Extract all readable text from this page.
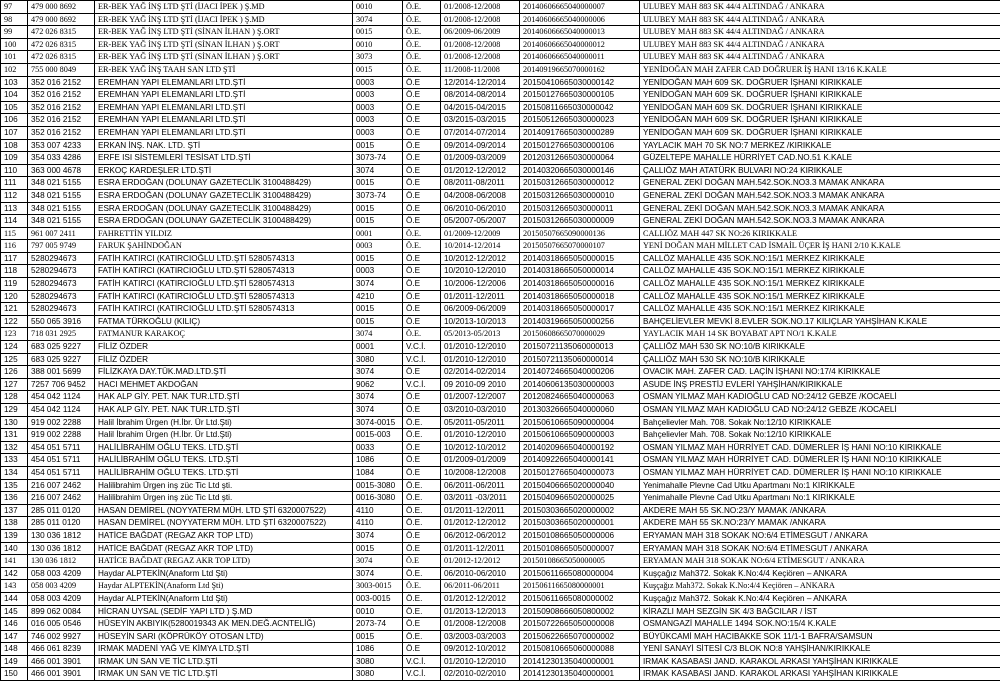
97	479 000 8692	ER-BEK YAĞ İNŞ LTD ŞTİ (İJACI İPEK ) Ş.MD	0010	Ö.E.	01/2008-12/2008	20140606665040000007	ULUBEY MAH 883 SK 44/4 ALTINDAĞ / ANKARA
98	479 000 8692	ER-BEK YAĞ İNŞ LTD ŞTİ (İJACI İPEK ) Ş.MD	3074	Ö.E.	01/2008-12/2008	20140606665040000006	ULUBEY MAH 883 SK 44/4 ALTINDAĞ / ANKARA
99	472 026 8315	ER-BEK YAĞ İNŞ LTD ŞTİ (SİNAN İLHAN ) Ş.ORT	0015	Ö.E.	06/2009-06/2009	20140606665040000013	ULUBEY MAH 883 SK 44/4 ALTINDAĞ / ANKARA
100	472 026 8315	ER-BEK YAĞ İNŞ LTD ŞTİ (SİNAN İLHAN ) Ş.ORT	0010	Ö.E.	01/2008-12/2008	20140606665040000012	ULUBEY MAH 883 SK 44/4 ALTINDAĞ / ANKARA
101	472 026 8315	ER-BEK YAĞ İNŞ LTD ŞTİ (SİNAN İLHAN ) Ş.ORT	3073	Ö.E.	01/2008-12/2008	20140606665040000011	ULUBEY MAH 883 SK 44/4 ALTINDAĞ / ANKARA
102	755 000 8049	ER-BEK YAĞ İNŞ TAAH SAN LTD ŞTİ	0015	Ö.E.	11/2008-11/2008	20140919665070000162	YENİDOĞAN MAH ZAFER CAD DOĞRUER İŞ HANI 13/16 K.KALE
103	352 016 2152	EREMHAN YAPI ELEMANLARI LTD.ŞTİ	0003	Ö.E	12/2014-12/2014	20150410665030000142	YENİDOĞAN MAH 609 SK. DOĞRUER İŞHANI KIRIKKALE
104	352 016 2152	EREMHAN YAPI ELEMANLARI LTD.ŞTİ	0003	Ö.E	08/2014-08/2014	20150127665030000105	YENİDOĞAN MAH 609 SK. DOĞRUER İŞHANI KIRIKKALE
105	352 016 2152	EREMHAN YAPI ELEMANLARI LTD.ŞTİ	0003	Ö.E	04/2015-04/2015	20150811665030000042	YENİDOĞAN MAH 609 SK. DOĞRUER İŞHANI KIRIKKALE
106	352 016 2152	EREMHAN YAPI ELEMANLARI LTD.ŞTİ	0003	Ö.E	03/2015-03/2015	20150512665030000023	YENİDOĞAN MAH 609 SK. DOĞRUER İŞHANI KIRIKKALE
107	352 016 2152	EREMHAN YAPI ELEMANLARI LTD.ŞTİ	0003	Ö.E	07/2014-07/2014	20140917665030000289	YENİDOĞAN MAH 609 SK. DOĞRUER İŞHANI KIRIKKALE
108	353 007 4233	ERKAN İNŞ. NAK. LTD. ŞTİ	0015	Ö.E	09/2014-09/2014	20150127665030000106	YAYLACIK MAH 70 SK NO:7 MERKEZ /KIRIKKALE
109	354 033 4286	ERFE ISI SİSTEMLERİ TESİSAT LTD.ŞTİ	3073-74	Ö.E	01/2009-03/2009	20120312665030000064	GÜZELTEPE MAHALLE HÜRRİYET CAD.NO.51 K.KALE
110	363 000 4678	ERKOÇ KARDEŞLER LTD.ŞTİ	3074	Ö.E	01/2012-12/2012	20140320665030000146	ÇALLIÖZ MAH ATATÜRK BULVARI NO:24 KIRIKKALE
111	348 021 5155	ESRA ERDOĞAN (DOLUNAY GAZETECLİK 3100488429)	0015	Ö.E	08/2011-08/2011	20150312665030000012	GENERAL ZEKİ DOĞAN MAH.542.SOK.NO3.3 MAMAK ANKARA
112	348 021 5155	ESRA ERDOĞAN (DOLUNAY GAZETECLİK 3100488429)	3073-74	Ö.E	04/2008-06/2008	20150312665030000010	GENERAL ZEKİ DOĞAN MAH.542.SOK.NO3.3 MAMAK ANKARA
113	348 021 5155	ESRA ERDOĞAN (DOLUNAY GAZETECLİK 3100488429)	0015	Ö.E	06/2010-06/2010	20150312665030000011	GENERAL ZEKİ DOĞAN MAH.542.SOK.NO3.3 MAMAK ANKARA
114	348 021 5155	ESRA ERDOĞAN (DOLUNAY GAZETECLİK 3100488429)	0015	Ö.E	05/2007-05/2007	20150312665030000009	GENERAL ZEKİ DOĞAN MAH.542.SOK.NO3.3 MAMAK ANKARA
115	961 007 2411	FAHRETTİN YILDIZ	0001	Ö.E.	01/2009-12/2009	20150507665090000136	CALLIÖZ MAH 447 SK NO:26 KIRIKKALE
116	797 005 9749	FARUK ŞAHİNDOĞAN	0003	Ö.E.	10/2014-12/2014	20150507665070000107	YENİ DOĞAN MAH MİLLET CAD İSMAİL ÜÇER İŞ HANI 2/10 K.KALE
117	5280294673	FATİH KATIRCI (KATIRCIOĞLU LTD.ŞTİ 5280574313	0015	Ö.E	10/2012-12/2012	20140318665050000015	CALLÖZ MAHALLE 435 SOK.NO:15/1 MERKEZ KIRIKKALE
118	5280294673	FATİH KATIRCI (KATIRCIOĞLU LTD.ŞTİ 5280574313	0003	Ö.E	10/2010-12/2010	20140318665050000014	CALLÖZ MAHALLE 435 SOK.NO:15/1 MERKEZ KIRIKKALE
119	5280294673	FATİH KATIRCI (KATIRCIOĞLU LTD.ŞTİ 5280574313	3074	Ö.E	10/2006-12/2006	20140318665050000016	CALLÖZ MAHALLE 435 SOK.NO:15/1 MERKEZ KIRIKKALE
120	5280294673	FATİH KATIRCI (KATIRCIOĞLU LTD.ŞTİ 5280574313	4210	Ö.E	01/2011-12/2011	20140318665050000018	CALLÖZ MAHALLE 435 SOK.NO:15/1 MERKEZ KIRIKKALE
121	5280294673	FATİH KATIRCI (KATIRCIOĞLU LTD.ŞTİ 5280574313	0015	Ö.E	06/2009-06/2009	20140318665050000017	CALLÖZ MAHALLE 435 SOK.NO:15/1 MERKEZ KIRIKKALE
122	550 065 3916	FATMA TÜRKOĞLU (KILIÇ)	0015	Ö.E	10/2013-10/2013	20140319665050000256	BAHÇELİEVLER MEVKİ 8.EVLER SOK.NO.17 KILIÇLAR YAHŞİHAN K.KALE
123	718 031 2925	FATMANUR KARAKOÇ	3074	Ö.E.	05/2013-05/2013	20150608665070000029	YAYLACIK MAH 14 SK BOYABAT APT NO/1 K.KALE
124	683 025 9227	FİLİZ ÖZDER	0001	V.C.İ.	01/2010-12/2010	20150721135060000013	ÇALLIÖZ MAH 530 SK NO:10/B KIRIKKALE
125	683 025 9227	FİLİZ ÖZDER	3080	V.C.İ.	01/2010-12/2010	20150721135060000014	ÇALLIÖZ MAH 530 SK NO:10/B KIRIKKALE
126	388 001 5699	FİLİZKAYA DAY.TÜK.MAD.LTD.ŞTİ	3074	Ö.E	02/2014-02/2014	20140724665040000206	OVACIK MAH. ZAFER CAD. LAÇİN İŞHANI NO:17/4 KIRIKKALE
127	7257 706 9452	HACI MEHMET AKDOĞAN	9062	V.C.İ.	09 2010-09 2010	20140606135030000003	ASUDE İNŞ PRESTİJ EVLERİ YAHŞİHAN/KIRIKKALE
128	454 042 1124	HAK ALP GİY. PET. NAK TUR.LTD.ŞTİ	3074	Ö.E	01/2007-12/2007	20120824665040000063	OSMAN YILMAZ MAH KADIOĞLU CAD NO:24/12 GEBZE /KOCAELİ
129	454 042 1124	HAK ALP GİY. PET. NAK TUR.LTD.ŞTİ	3074	Ö.E	03/2010-03/2010	20130326665040000060	OSMAN YILMAZ MAH KADIOĞLU CAD NO:24/12 GEBZE /KOCAELİ
130	919 002 2288	Halil İbrahim Ürgen (H.İbr. Ür Ltd.Şti)	3074-0015	Ö.E.	05/2011-05/2011	20150610665090000004	Bahçelievler Mah. 708. Sokak No:12/10 KIRIKKALE
131	919 002 2288	Halil İbrahim Ürgen (H.İbr. Ür Ltd.Şti)	0015-003	Ö.E.	01/2010-12/2010	20150610665090000003	Bahçelievler Mah. 708. Sokak No:12/10 KIRIKKALE
132	454 051 5711	HALİLİBRAHİM OĞLU TEKS. LTD.ŞTİ	0033	Ö.E	10/2012-10/2012	20140209665040000192	OSMAN YILMAZ MAH HÜRRİYET CAD. DÜMERLER İŞ HANI NO:10 KIRIKKALE
133	454 051 5711	HALİLİBRAHİM OĞLU TEKS. LTD.ŞTİ	1086	Ö.E	01/2009-01/2009	20140922665040000141	OSMAN YILMAZ MAH HÜRRİYET CAD. DÜMERLER İŞ HANI NO:10 KIRIKKALE
134	454 051 5711	HALİLİBRAHİM OĞLU TEKS. LTD.ŞTİ	1084	Ö.E	10/2008-12/2008	20150127665040000073	OSMAN YILMAZ MAH HÜRRİYET CAD. DÜMERLER İŞ HANI NO:10 KIRIKKALE
135	216 007 2462	Halilibrahim Ürgen inş züc Tic Ltd şti.	0015-3080	Ö.E.	06/2011-06/2011	20150406665020000040	Yenimahalle Plevne Cad Utku Apartmanı No:1 KIRIKKALE
136	216 007 2462	Halilibrahim Ürgen inş züc Tic Ltd şti.	0016-3080	Ö.E.	03/2011 -03/2011	20150409665020000025	Yenimahalle Plevne Cad Utku Apartmanı No:1 KIRIKKALE
137	285 011 0120	HASAN DEMİREL (NOYYATERM MÜH. LTD ŞTİ 6320007522)	4110	Ö.E.	01/2011-12/2011	20150303665020000002	AKDERE MAH 55 SK.NO:23/Y MAMAK /ANKARA
138	285 011 0120	HASAN DEMİREL (NOYYATERM MÜH. LTD ŞTİ 6320007522)	4110	Ö.E.	01/2012-12/2012	20150303665020000001	AKDERE MAH 55 SK.NO:23/Y MAMAK /ANKARA
139	130 036 1812	HATİCE BAĞDAT (REGAZ AKR TOP LTD)	3074	Ö.E	06/2012-06/2012	20150108665050000006	ERYAMAN MAH 318 SOKAK NO:6/4 ETİMESGUT / ANKARA
140	130 036 1812	HATİCE BAĞDAT (REGAZ AKR TOP LTD)	0015	Ö.E	01/2011-12/2011	20150108665050000007	ERYAMAN MAH 318 SOKAK NO:6/4 ETİMESGUT / ANKARA
141	130 036 1812	HATİCE BAĞDAT (REGAZ AKR TOP LTD)	3074	Ö.E	01/2012-12/2012	20150108665050000005	ERYAMAN MAH 318 SOKAK NO:6/4 ETİMESGUT / ANKARA
142	058 003 4209	Haydar ALPTEKİN(Anaform Ltd Şti)	3074	Ö.E.	06/2010-06/2010	20150611665080000004	Kuşçağız Mah372. Sokak K.No:4/4 Keçiören – ANKARA
143	058 003 4209	Haydar ALPTEKİN(Anaform Ltd Şti)	3003-0015	Ö.E.	06/2011-06/2011	20150611665080000001	Kuşçağız Mah372. Sokak K.No:4/4 Keçiören – ANKARA
144	058 003 4209	Haydar ALPTEKİN(Anaform Ltd Şti)	003-0015	Ö.E.	01/2012-12/2012	20150611665080000002	Kuşçağız Mah372. Sokak K.No:4/4 Keçiören – ANKARA
145	899 062 0084	HİCRAN UYSAL (SEDİF YAPI LTD ) Ş.MD	0010	Ö.E.	01/2013-12/2013	20150908666050800002	KİRAZLI MAH SEZGİN SK 4/3 BAĞCILAR / İST
146	016 005 0546	HÜSEYİN AKBIYIK(5280019343 AK MEN.DEĞ.ACNTELİĞ)	2073-74	Ö.E	01/2008-12/2008	20150722665050000008	OSMANGAZİ MAHALLE 1494 SOK.NO:15/4 K.KALE
147	746 002 9927	HÜSEYİN SARI (KÖPRÜKÖY OTOSAN LTD)	0015	Ö.E.	03/2003-03/2003	20150622665070000002	BÜYÜKCAMİ MAH HACIBAKKE SOK 11/1-1 BAFRA/SAMSUN
148	466 061 8239	IRMAK MADENİ YAĞ VE KİMYA LTD.ŞTİ	1086	Ö.E	09/2012-10/2012	20150810665060000088	YENİ SANAYİ SİTESİ C/3 BLOK NO:8 YAHŞİHAN/KIRIKKALE
149	466 001 3901	IRMAK UN SAN VE TİC LTD.ŞTİ	3080	V.C.İ.	01/2010-12/2010	20141230135040000001	IRMAK KASABASI JAND. KARAKOL ARKASI YAHŞİHAN KIRIKKALE
150	466 001 3901	IRMAK UN SAN VE TİC LTD.ŞTİ	3080	V.C.İ.	02/2010-02/2010	20141230135040000001	IRMAK KASABASI JAND. KARAKOL ARKASI YAHŞİHAN KIRIKKALE
